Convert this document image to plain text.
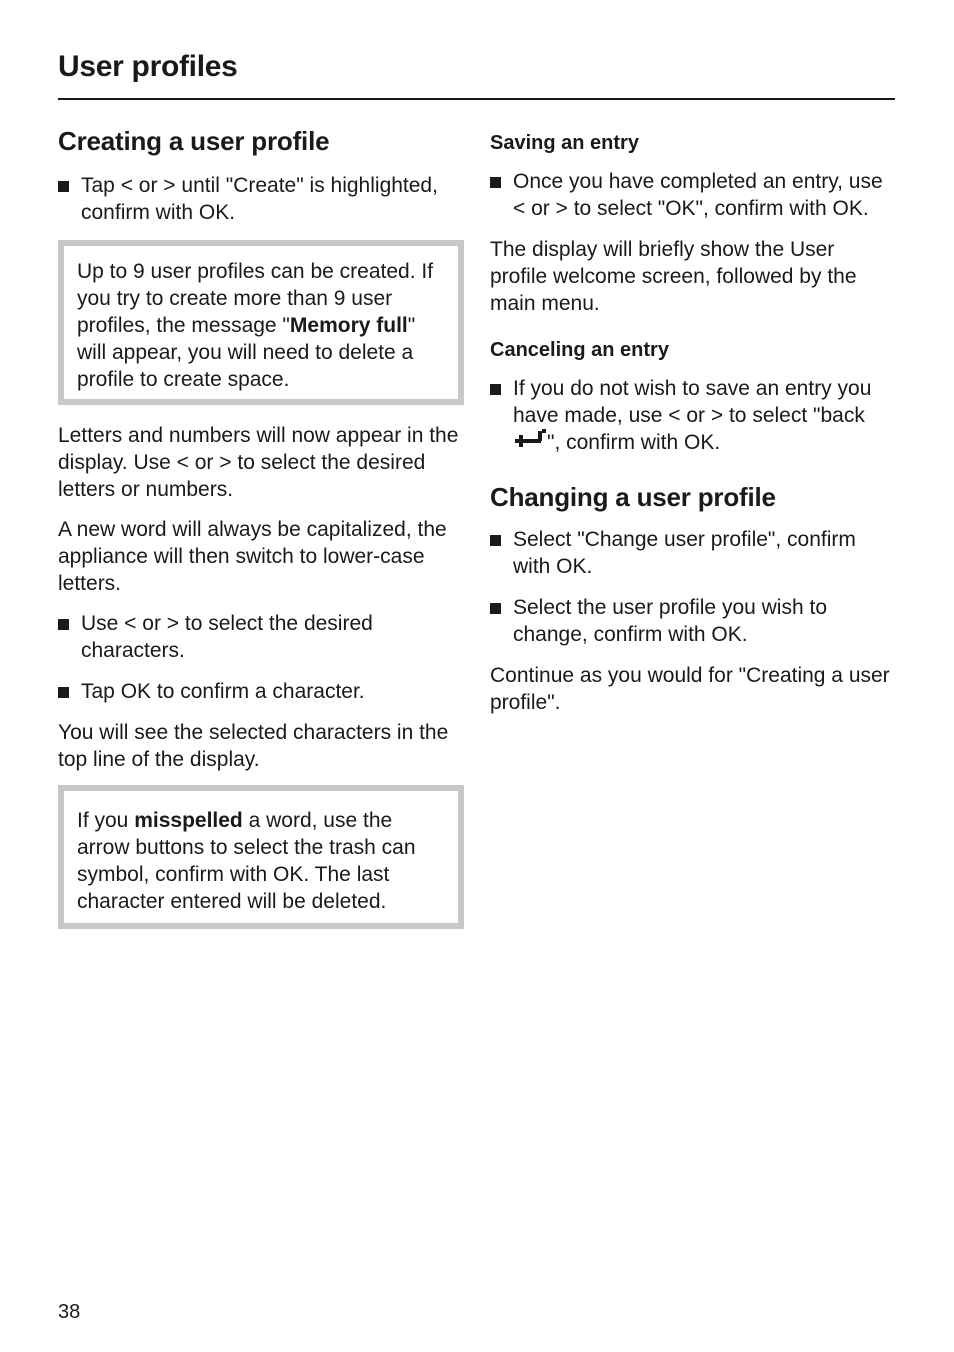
User profiles
Creating a user profile
Tap < or > until "Create" is highlighted, confirm with OK.

Up to 9 user profiles can be created. If you try to create more than 9 user profiles, the message "Memory full" will appear, you will need to delete a profile to create space.

Letters and numbers will now appear in the display. Use < or > to select the desired letters or numbers.

A new word will always be capitalized, the appliance will then switch to lower-case letters.

Use < or > to select the desired characters.
Tap OK to confirm a character.

You will see the selected characters in the top line of the display.

If you misspelled a word, use the arrow buttons to select the trash can symbol, confirm with OK. The last character entered will be deleted.

Saving an entry
Once you have completed an entry, use < or > to select "OK", confirm with OK.

The display will briefly show the User profile welcome screen, followed by the main menu.

Canceling an entry
If you do not wish to save an entry you have made, use < or > to select "back ", confirm with OK.
Changing a user profile
Select "Change user profile", confirm with OK.
Select the user profile you wish to change, confirm with OK.

Continue as you would for "Creating a user profile".

38
